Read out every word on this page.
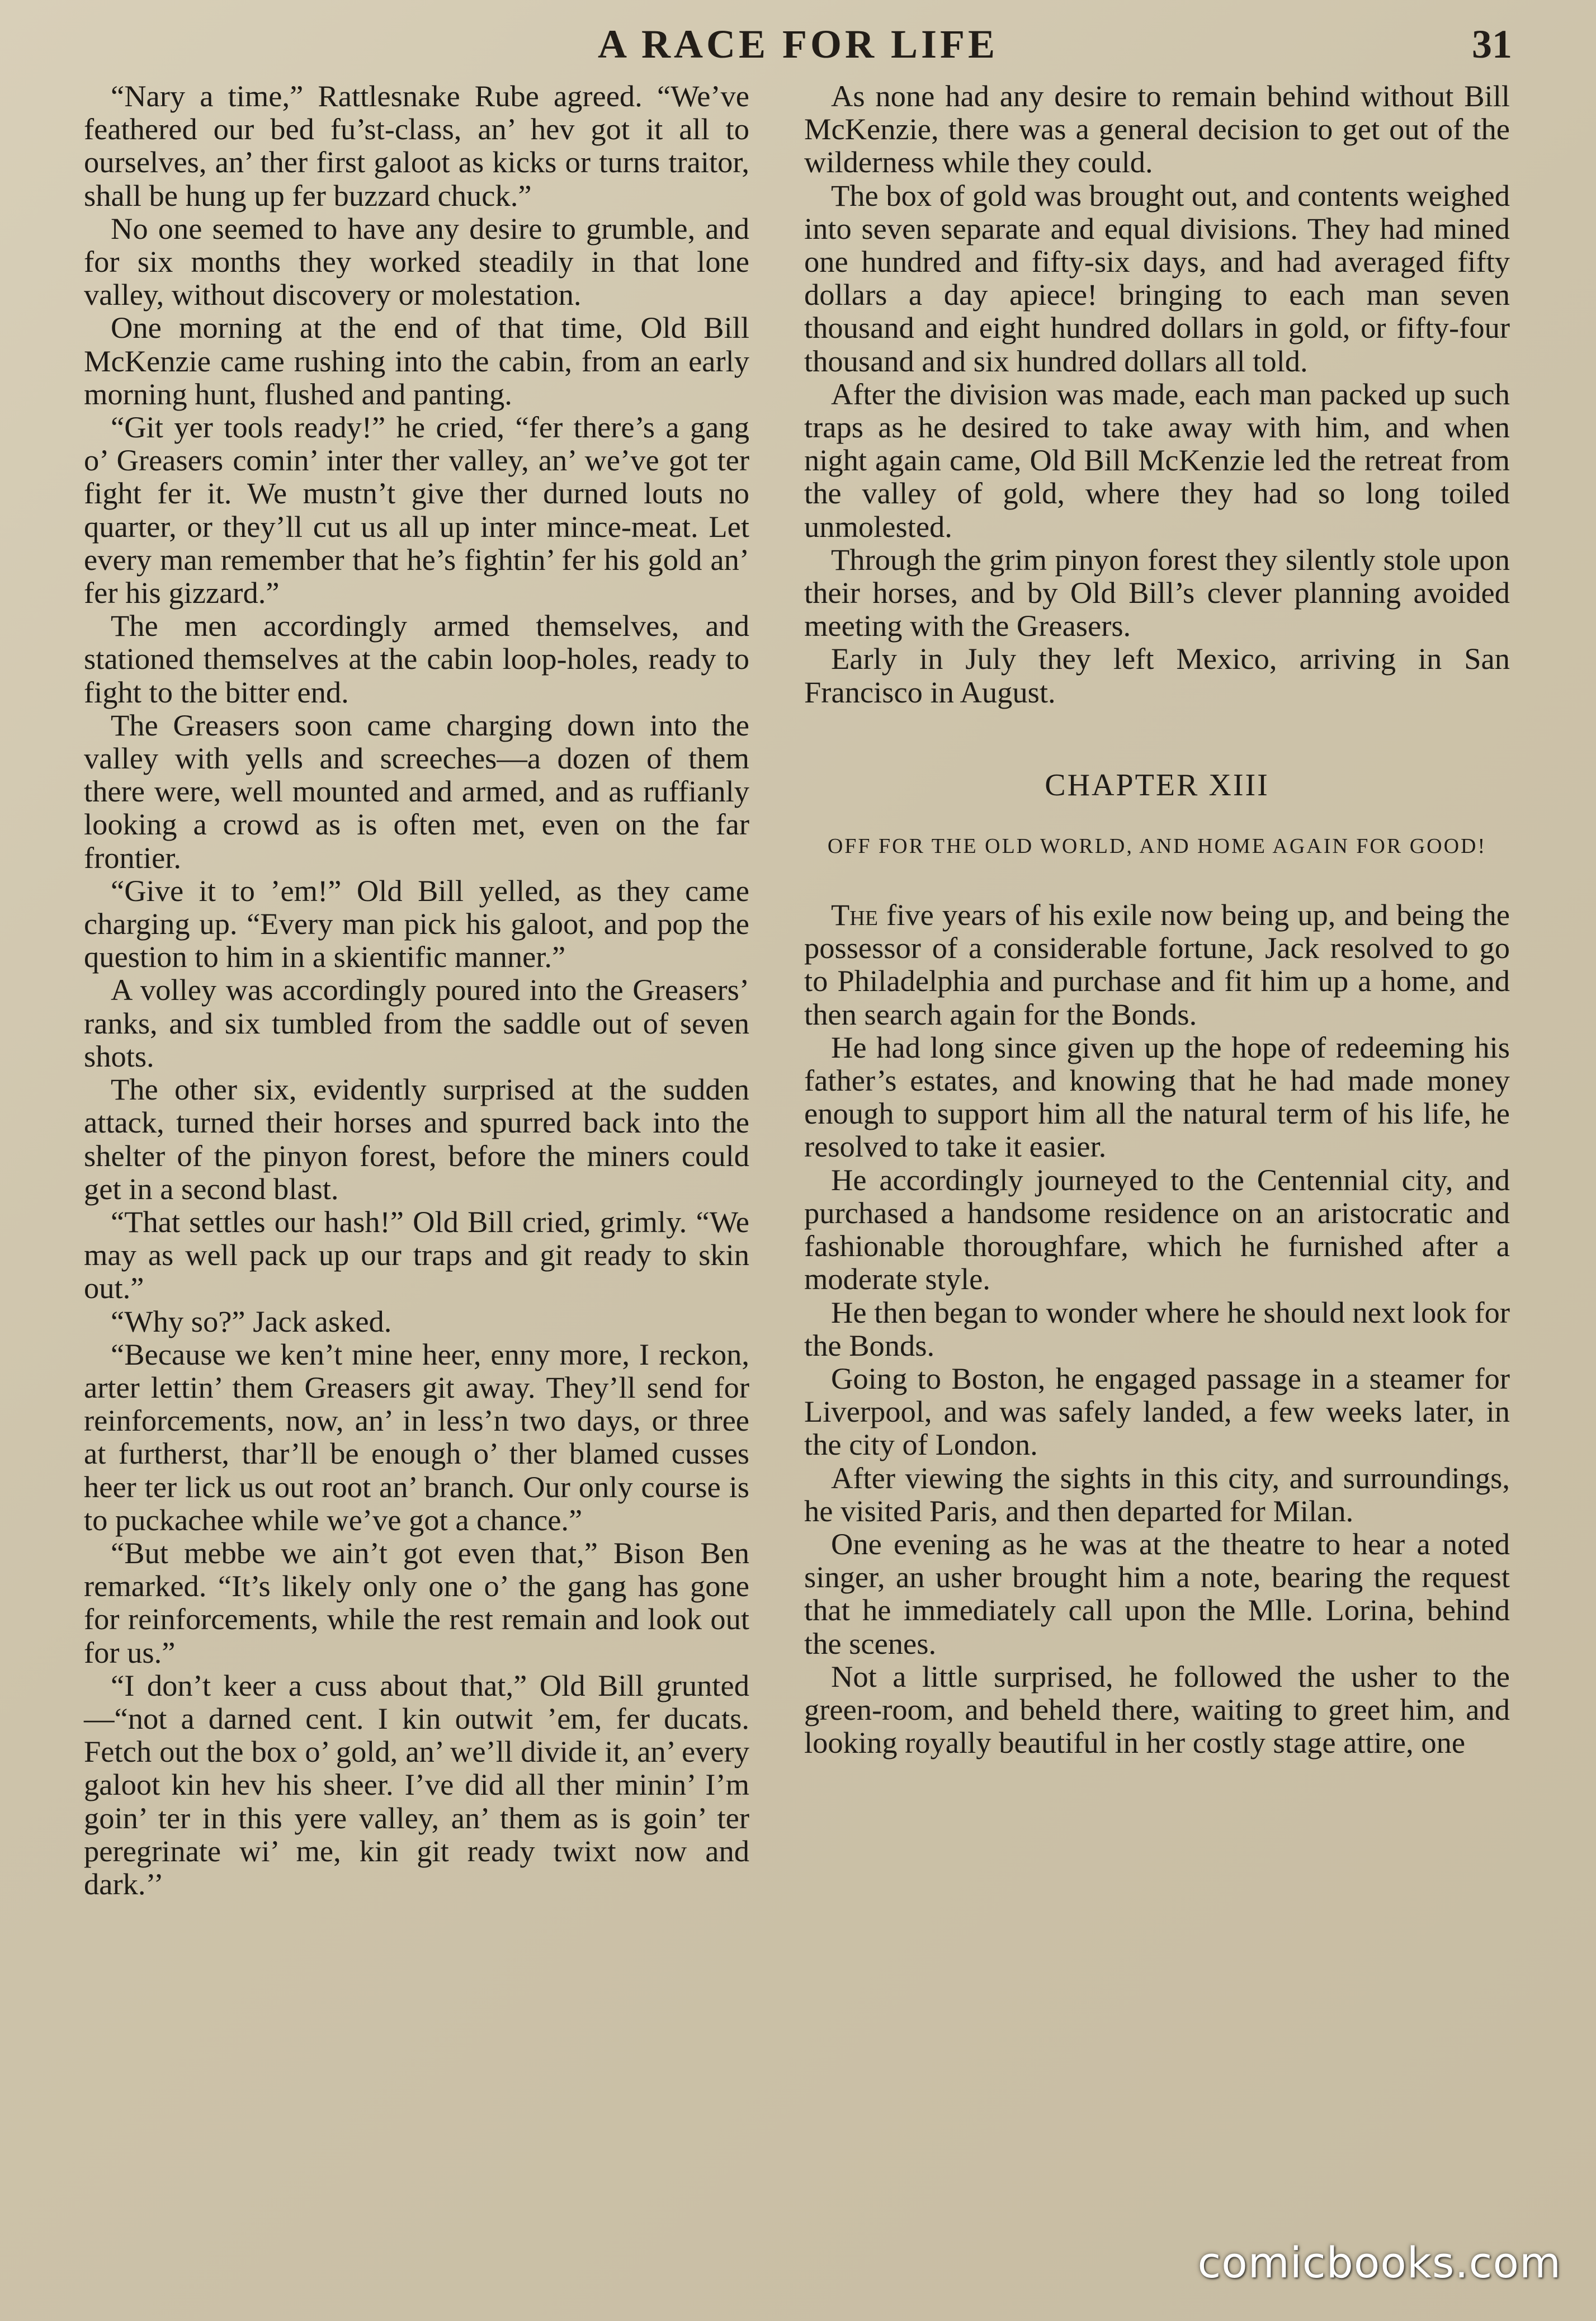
A RACE FOR LIFE	31

“Nary a time,” Rattlesnake Rube agreed. “We’ve feathered our bed fu’st-class, an’ hev got it all to ourselves, an’ ther first galoot as kicks or turns traitor, shall be hung up fer buzzard chuck.”

No one seemed to have any desire to grumble, and for six months they worked steadily in that lone valley, without discovery or molestation.

One morning at the end of that time, Old Bill McKenzie came rushing into the cabin, from an early morning hunt, flushed and panting.

“Git yer tools ready!” he cried, “fer there’s a gang o’ Greasers comin’ inter ther valley, an’ we’ve got ter fight fer it. We mustn’t give ther durned louts no quarter, or they’ll cut us all up inter mince-meat. Let every man remember that he’s fightin’ fer his gold an’ fer his gizzard.”

The men accordingly armed themselves, and stationed themselves at the cabin loop-holes, ready to fight to the bitter end.

The Greasers soon came charging down into the valley with yells and screeches—a dozen of them there were, well mounted and armed, and as ruffianly looking a crowd as is often met, even on the far frontier.

“Give it to ’em!” Old Bill yelled, as they came charging up. “Every man pick his galoot, and pop the question to him in a skientific manner.”

A volley was accordingly poured into the Greasers’ ranks, and six tumbled from the saddle out of seven shots.

The other six, evidently surprised at the sudden attack, turned their horses and spurred back into the shelter of the pinyon forest, before the miners could get in a second blast.

“That settles our hash!” Old Bill cried, grimly. “We may as well pack up our traps and git ready to skin out.”

“Why so?” Jack asked.

“Because we ken’t mine heer, enny more, I reckon, arter lettin’ them Greasers git away. They’ll send for reinforcements, now, an’ in less’n two days, or three at furtherst, thar’ll be enough o’ ther blamed cusses heer ter lick us out root an’ branch. Our only course is to puckachee while we’ve got a chance.”

“But mebbe we ain’t got even that,” Bison Ben remarked. “It’s likely only one o’ the gang has gone for reinforcements, while the rest remain and look out for us.”

“I don’t keer a cuss about that,” Old Bill grunted—“not a darned cent. I kin outwit ’em, fer ducats. Fetch out the box o’ gold, an’ we’ll divide it, an’ every galoot kin hev his sheer. I’ve did all ther minin’ I’m goin’ ter in this yere valley, an’ them as is goin’ ter peregrinate wi’ me, kin git ready twixt now and dark.’’

As none had any desire to remain behind without Bill McKenzie, there was a general decision to get out of the wilderness while they could.

The box of gold was brought out, and contents weighed into seven separate and equal divisions. They had mined one hundred and fifty-six days, and had averaged fifty dollars a day apiece! bringing to each man seven thousand and eight hundred dollars in gold, or fifty-four thousand and six hundred dollars all told.

After the division was made, each man packed up such traps as he desired to take away with him, and when night again came, Old Bill McKenzie led the retreat from the valley of gold, where they had so long toiled unmolested.

Through the grim pinyon forest they silently stole upon their horses, and by Old Bill’s clever planning avoided meeting with the Greasers.

Early in July they left Mexico, arriving in San Francisco in August.

CHAPTER XIII
OFF FOR THE OLD WORLD, AND HOME AGAIN FOR GOOD!

The five years of his exile now being up, and being the possessor of a considerable fortune, Jack resolved to go to Philadelphia and purchase and fit him up a home, and then search again for the Bonds.

He had long since given up the hope of redeeming his father’s estates, and knowing that he had made money enough to support him all the natural term of his life, he resolved to take it easier.

He accordingly journeyed to the Centennial city, and purchased a handsome residence on an aristocratic and fashionable thoroughfare, which he furnished after a moderate style.

He then began to wonder where he should next look for the Bonds.

Going to Boston, he engaged passage in a steamer for Liverpool, and was safely landed, a few weeks later, in the city of London.

After viewing the sights in this city, and surroundings, he visited Paris, and then departed for Milan.

One evening as he was at the theatre to hear a noted singer, an usher brought him a note, bearing the request that he immediately call upon the Mlle. Lorina, behind the scenes.

Not a little surprised, he followed the usher to the green-room, and beheld there, waiting to greet him, and looking royally beautiful in her costly stage attire, one

comicbooks.com
